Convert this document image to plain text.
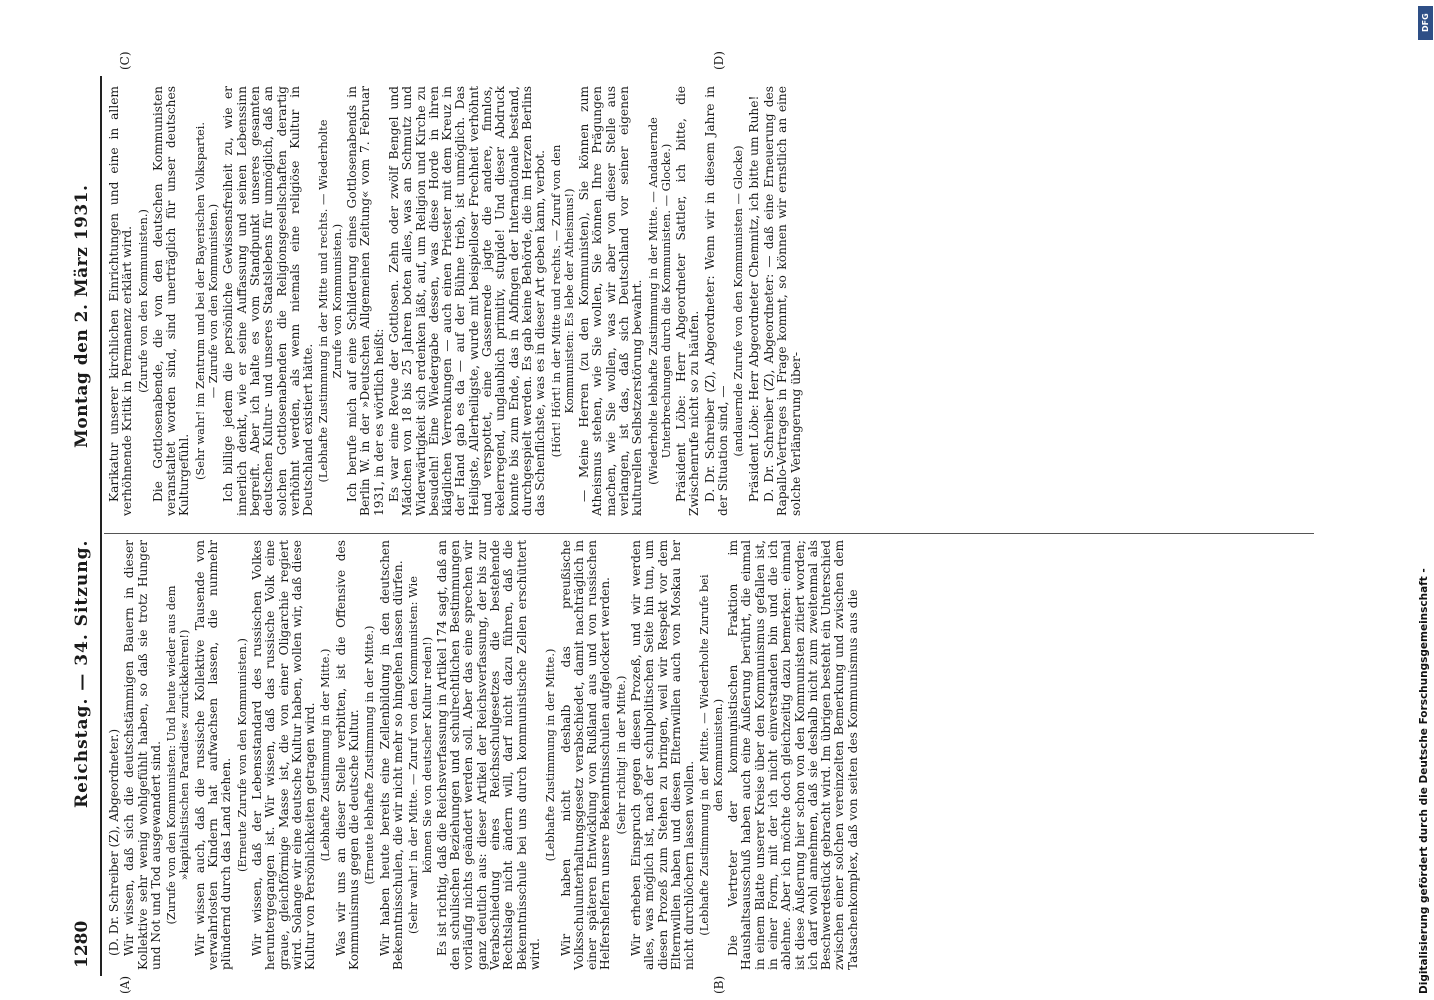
1280
Reichstag. — 34. Sitzung.
Montag den 2. März 1931.
(A)	(B)
(C)	(D)

(D. Dr. Schreiber (Z), Abgeordneter.) Wir wissen, daß sich die deutschstämmigen Bauern in dieser Kollektive sehr wenig wohlgefühlt haben, so daß sie trotz Hunger und Not und Tod ausgewandert sind. (Zurufe von den Kommunisten: Und heute wieder aus dem »kapitalistischen Paradies« zurückkehren!) Wir wissen auch, daß die russische Kollektive Tausende von verwahrlosten Kindern hat aufwachsen lassen, die nunmehr plündernd durch das Land ziehen. (Erneute Zurufe von den Kommunisten.) Wir wissen, daß der Lebensstandard des russischen Volkes heruntergegangen ist. Wir wissen, daß das russische Volk eine graue, gleichförmige Masse ist, die von einer Oligarchie regiert wird. Solange wir eine deutsche Kultur haben, wollen wir, daß diese Kultur von Persönlichkeiten getragen wird. (Lebhafte Zustimmung in der Mitte.) Was wir uns an dieser Stelle verbitten, ist die Offensive des Kommunismus gegen die deutsche Kultur. (Erneute lebhafte Zustimmung in der Mitte.) Wir haben heute bereits eine Zellenbildung in den deutschen Bekenntnisschulen, die wir nicht mehr so hingehen lassen dürfen. (Sehr wahr! in der Mitte. — Zuruf von den Kommunisten: Wie können Sie von deutscher Kultur reden!) Es ist richtig, daß die Reichsverfassung in Artikel 174 sagt, daß an den schulischen Beziehungen und schulrechtlichen Bestimmungen vorläufig nichts geändert werden soll. Aber das eine sprechen wir ganz deutlich aus: dieser Artikel der Reichsverfassung, der bis zur Verabschiedung eines Reichsschulgesetzes die bestehende Rechtslage nicht ändern will, darf nicht dazu führen, daß die Bekenntnisschule bei uns durch kommunistische Zellen erschüttert wird.

(Lebhafte Zustimmung in der Mitte.) Wir haben nicht deshalb das preußische Volksschulunterhaltungsgesetz verabschiedet, damit nachträglich in einer späteren Entwicklung von Rußland aus und von russischen Helfershelfern unsere Bekenntnisschulen aufgelockert werden. (Sehr richtig! in der Mitte.) Wir erheben Einspruch gegen diesen Prozeß, und wir werden alles, was möglich ist, nach der schulpolitischen Seite hin tun, um diesen Prozeß zum Stehen zu bringen, weil wir Respekt vor dem Elternwillen haben und diesen Elternwillen auch von Moskau her nicht durchlöchern lassen wollen. (Lebhafte Zustimmung in der Mitte. — Wiederholte Zurufe bei den Kommunisten.) Die Vertreter der kommunistischen Fraktion im Haushaltsausschuß haben auch eine Äußerung berührt, die einmal in einem Blatte unserer Kreise über den Kommunismus gefallen ist, in einer Form, mit der ich nicht einverstanden bin und die ich ablehne. Aber ich möchte doch gleichzeitig dazu bemerken: einmal ist diese Äußerung hier schon von den Kommunisten zitiert worden; ich darf wohl annehmen, daß sie deshalb nicht zum zweitenmal als Beschwerdestück gebracht wird. Im übrigen besteht ein Unterschied zwischen einer solchen vereinzelten Bemerkung und zwischen dem Tatsachenkomplex, daß von seiten des Kommunismus aus die

Karikatur unserer kirchlichen Einrichtungen und eine in allem verhöhnende Kritik in Permanenz erklärt wird. (Zurufe von den Kommunisten.) Die Gottlosenabende, die von den deutschen Kommunisten veranstaltet worden sind, sind unerträglich für unser deutsches Kulturgefühl. (Sehr wahr! im Zentrum und bei der Bayerischen Volkspartei. — Zurufe von den Kommunisten.) Ich billige jedem die persönliche Gewissensfreiheit zu, wie er innerlich denkt, wie er seine Auffassung und seinen Lebenssinn begreift. Aber ich halte es vom Standpunkt unseres gesamten deutschen Kultur- und unseres Staatslebens für unmöglich, daß an solchen Gottlosenabenden die Religionsgesellschaften derartig verhöhnt werden, als wenn niemals eine religiöse Kultur in Deutschland existiert hätte. (Lebhafte Zustimmung in der Mitte und rechts. — Wiederholte Zurufe von Kommunisten.) Ich berufe mich auf eine Schilderung eines Gottlosenabends in Berlin W. in der »Deutschen Allgemeinen Zeitung« vom 7. Februar 1931, in der es wörtlich heißt: Es war eine Revue der Gottlosen. Zehn oder zwölf Bengel und Mädchen von 18 bis 25 Jahren boten alles, was an Schmutz und Widerwärtigkeit sich erdenken läßt, auf, um Religion und Kirche zu besudeln! Eine Wiedergabe dessen, was diese Horde in ihren kläglichen Verrenkungen — auch einen Priester mit dem Kreuz in der Hand gab es da — auf der Bühne trieb, ist unmöglich. Das Heiligste, Allerheiligste, wurde mit beispielloser Frechheit verhöhnt und verspottet, eine Gassenrede jagte die andere, finnlos, ekelerregend, unglaublich primitiv, stupide! Und dieser Abdruck konnte bis zum Ende, das in Abfingen der Internationale bestand, durchgespielt werden. Es gab keine Behörde, die im Herzen Berlins das Schenflichste, was es in dieser Art geben kann, verbot. (Hört! Hört! in der Mitte und rechts. — Zuruf von den Kommunisten: Es lebe der Atheismus!) — Meine Herren (zu den Kommunisten), Sie können zum Atheismus stehen, wie Sie wollen, Sie können Ihre Prägungen machen, wie Sie wollen, was wir aber von dieser Stelle aus verlangen, ist das, daß sich Deutschland vor seiner eigenen kulturellen Selbstzerstörung bewahrt. (Wiederholte lebhafte Zustimmung in der Mitte. — Andauernde Unterbrechungen durch die Kommunisten. — Glocke.) Präsident Löbe: Herr Abgeordneter Sattler, ich bitte, die Zwischenrufe nicht so zu häufen. D. Dr. Schreiber (Z), Abgeordneter: Wenn wir in diesem Jahre in der Situation sind, — (andauernde Zurufe von den Kommunisten — Glocke) Präsident Löbe: Herr Abgeordneter Chemnitz, ich bitte um Ruhe! D. Dr. Schreiber (Z), Abgeordneter: — daß eine Erneuerung des Rapallo-Vertrages in Frage kommt, so können wir ernstlich an eine solche Verlängerung über-

Digitalisierung gefördert durch die Deutsche Forschungsgemeinschaft -
DFG
